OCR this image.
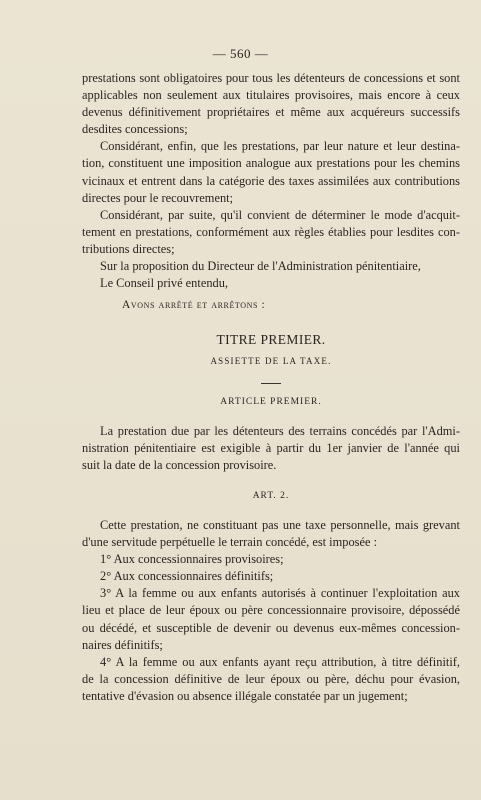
— 560 —
prestations sont obligatoires pour tous les détenteurs de concessions et sont
applicables non seulement aux titulaires provisoires, mais encore à ceux
devenus définitivement propriétaires et même aux acquéreurs successifs
desdites concessions;
Considérant, enfin, que les prestations, par leur nature et leur destina-
tion, constituent une imposition analogue aux prestations pour les chemins
vicinaux et entrent dans la catégorie des taxes assimilées aux contributions
directes pour le recouvrement;
Considérant, par suite, qu'il convient de déterminer le mode d'acquit-
tement en prestations, conformément aux règles établies pour lesdites con-
tributions directes;
Sur la proposition du Directeur de l'Administration pénitentiaire,
Le Conseil privé entendu,
Avons arrêté et arrêtons :
TITRE PREMIER.
ASSIETTE DE LA TAXE.
ARTICLE PREMIER.
La prestation due par les détenteurs des terrains concédés par l'Admi-
nistration pénitentiaire est exigible à partir du 1er janvier de l'année qui
suit la date de la concession provisoire.
ART. 2.
Cette prestation, ne constituant pas une taxe personnelle, mais grevant
d'une servitude perpétuelle le terrain concédé, est imposée :
1° Aux concessionnaires provisoires;
2° Aux concessionnaires définitifs;
3° A la femme ou aux enfants autorisés à continuer l'exploitation aux
lieu et place de leur époux ou père concessionnaire provisoire, dépossédé
ou décédé, et susceptible de devenir ou devenus eux-mêmes concession-
naires définitifs;
4° A la femme ou aux enfants ayant reçu attribution, à titre définitif,
de la concession définitive de leur époux ou père, déchu pour évasion,
tentative d'évasion ou absence illégale constatée par un jugement;
